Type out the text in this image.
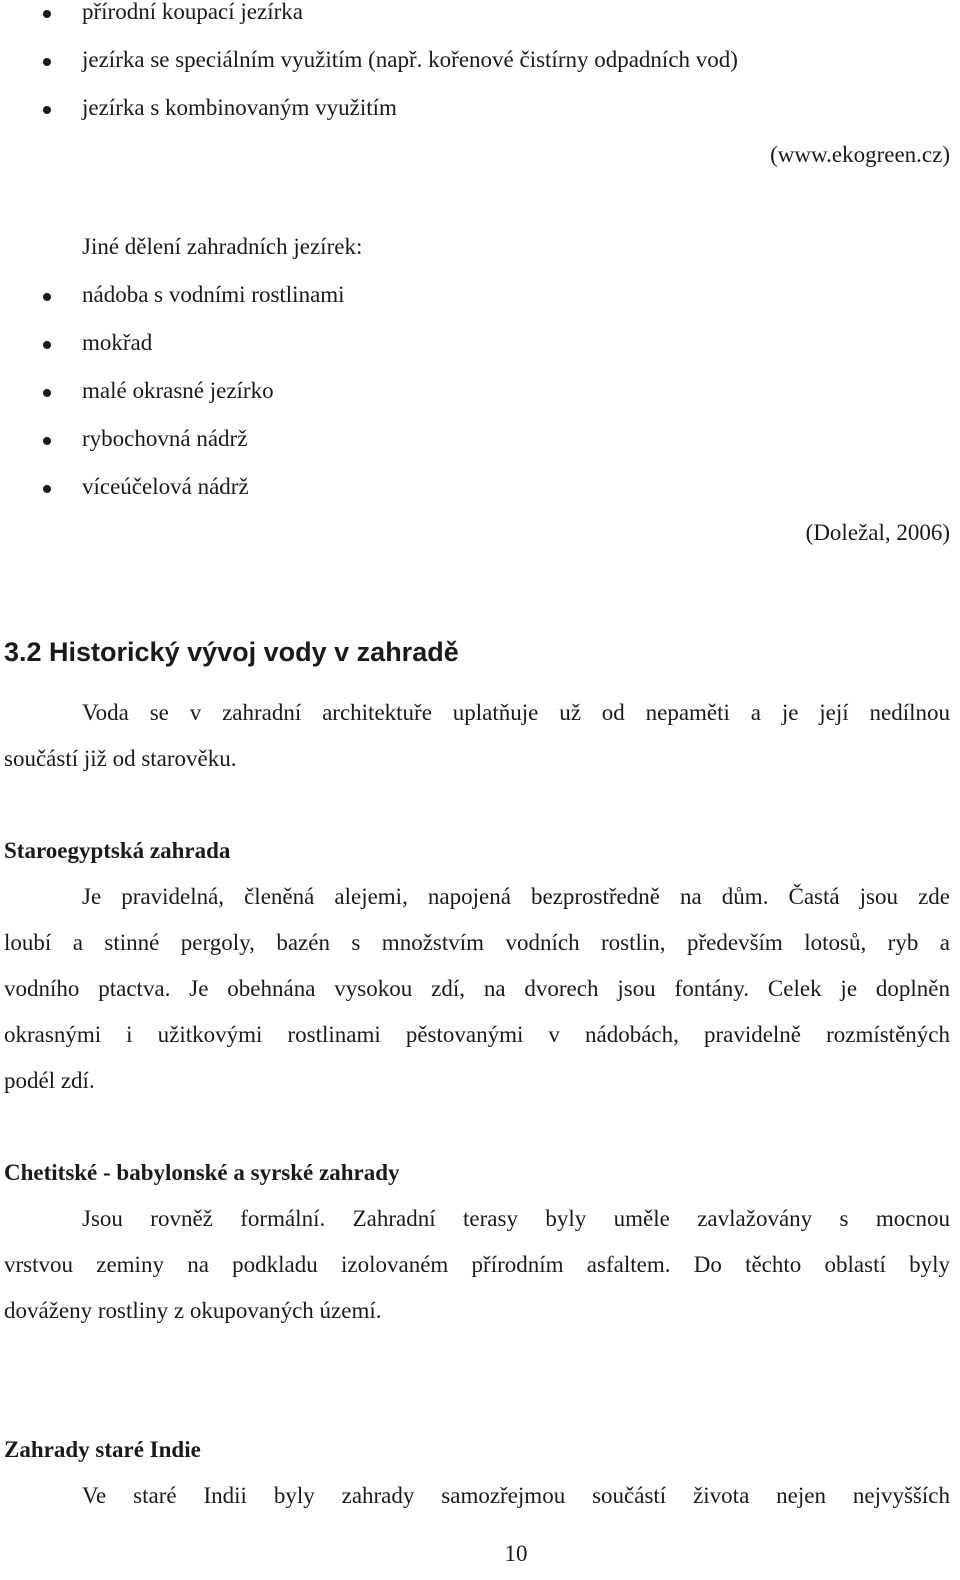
přírodní koupací jezírka
jezírka se speciálním využitím (např. kořenové čistírny odpadních vod)
jezírka s kombinovaným využitím
(www.ekogreen.cz)
Jiné dělení zahradních jezírek:
nádoba s vodními rostlinami
mokřad
malé okrasné jezírko
rybochovná nádrž
víceúčelová nádrž
(Doležal, 2006)
3.2 Historický vývoj vody v zahradě
Voda se v zahradní architektuře uplatňuje už od nepaměti a je její nedílnou
součástí již od starověku.
Staroegyptská zahrada
Je pravidelná, členěná alejemi, napojená bezprostředně na dům. Častá jsou zde
loubí a stinné pergoly, bazén s množstvím vodních rostlin, především lotosů, ryb a
vodního ptactva. Je obehnána vysokou zdí, na dvorech jsou fontány. Celek je doplněn
okrasnými i užitkovými rostlinami pěstovanými v nádobách, pravidelně rozmístěných
podél zdí.
Chetitské - babylonské a syrské zahrady
Jsou rovněž formální. Zahradní terasy byly uměle zavlažovány s mocnou
vrstvou zeminy na podkladu izolovaném přírodním asfaltem. Do těchto oblastí byly
dováženy rostliny z okupovaných území.
Zahrady staré Indie
Ve staré Indii byly zahrady samozřejmou součástí života nejen nejvyšších
10
